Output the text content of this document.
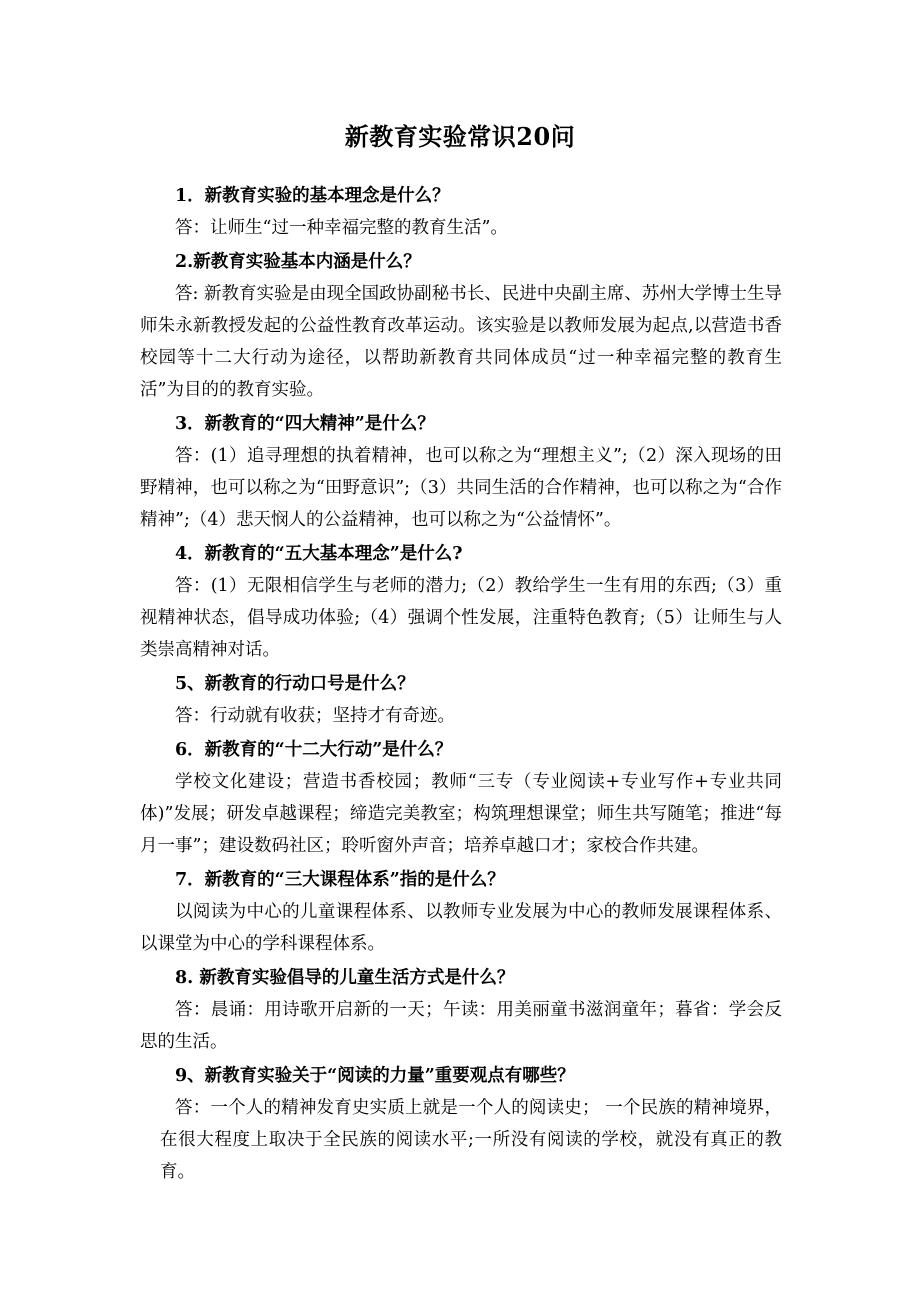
新教育实验常识20问

1．新教育实验的基本理念是什么？

答：让师生“过一种幸福完整的教育生活”。

2.新教育实验基本内涵是什么？

答: 新教育实验是由现全国政协副秘书长、民进中央副主席、苏州大学博士生导师朱永新教授发起的公益性教育改革运动。该实验是以教师发展为起点,以营造书香校园等十二大行动为途径，以帮助新教育共同体成员“过一种幸福完整的教育生活”为目的的教育实验。

3．新教育的“四大精神”是什么？

答：(1）追寻理想的执着精神，也可以称之为“理想主义”;（2）深入现场的田野精神，也可以称之为“田野意识”;（3）共同生活的合作精神，也可以称之为“合作精神”;（4）悲天悯人的公益精神，也可以称之为“公益情怀”。

4．新教育的“五大基本理念”是什么?

答：(1）无限相信学生与老师的潜力;（2）教给学生一生有用的东西;（3）重视精神状态，倡导成功体验;（4）强调个性发展，注重特色教育;（5）让师生与人类崇高精神对话。

5、新教育的行动口号是什么？

答：行动就有收获；坚持才有奇迹。

6．新教育的“十二大行动”是什么？

学校文化建设；营造书香校园；教师“三专（专业阅读+专业写作+专业共同体)”发展；研发卓越课程；缔造完美教室；构筑理想课堂；师生共写随笔；推进“每月一事”；建设数码社区；聆听窗外声音；培养卓越口才；家校合作共建。

7．新教育的“三大课程体系”指的是什么？

以阅读为中心的儿童课程体系、以教师专业发展为中心的教师发展课程体系、以课堂为中心的学科课程体系。

8. 新教育实验倡导的儿童生活方式是什么？

答：晨诵：用诗歌开启新的一天；午读：用美丽童书滋润童年；暮省：学会反思的生活。

9、新教育实验关于“阅读的力量”重要观点有哪些？

答：一个人的精神发育史实质上就是一个人的阅读史； 一个民族的精神境界，在很大程度上取决于全民族的阅读水平;一所没有阅读的学校，就没有真正的教育。
